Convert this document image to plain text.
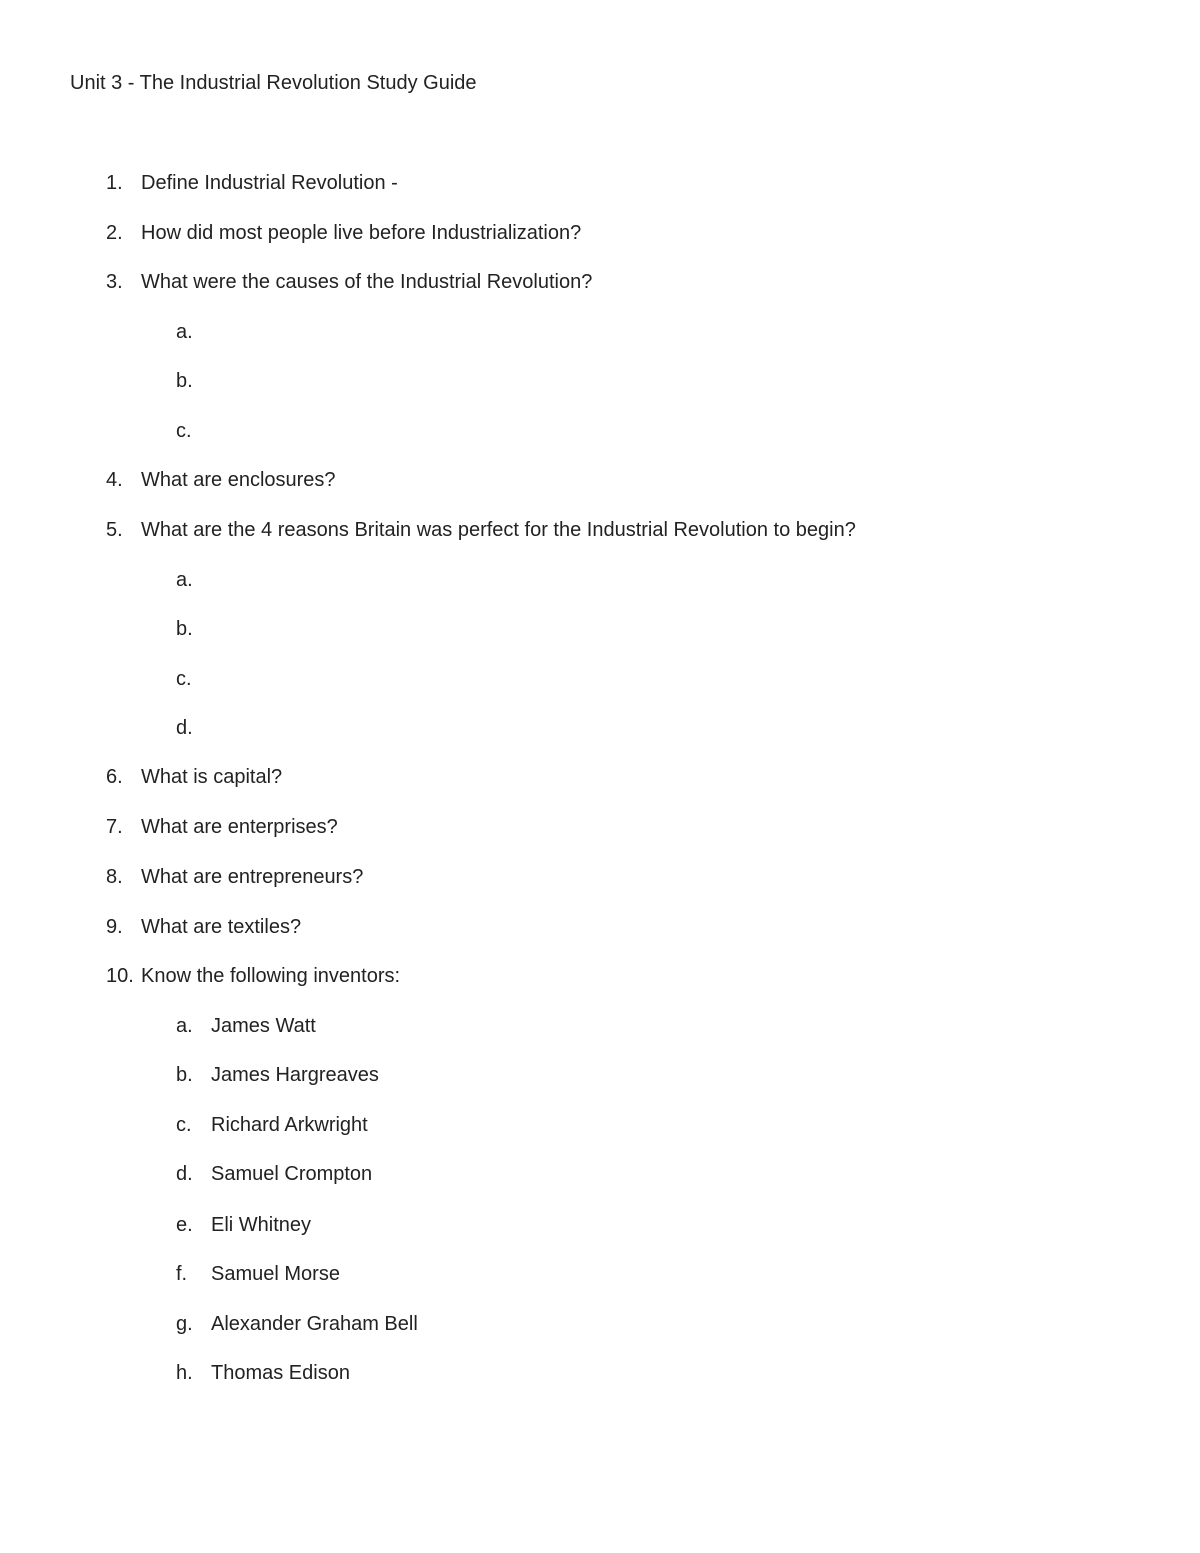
Unit 3 - The Industrial Revolution Study Guide
1. Define Industrial Revolution -
2. How did most people live before Industrialization?
3. What were the causes of the Industrial Revolution?
a.
b.
c.
4. What are enclosures?
5. What are the 4 reasons Britain was perfect for the Industrial Revolution to begin?
a.
b.
c.
d.
6. What is capital?
7. What are enterprises?
8. What are entrepreneurs?
9. What are textiles?
10. Know the following inventors:
a. James Watt
b. James Hargreaves
c. Richard Arkwright
d. Samuel Crompton
e. Eli Whitney
f. Samuel Morse
g. Alexander Graham Bell
h. Thomas Edison
